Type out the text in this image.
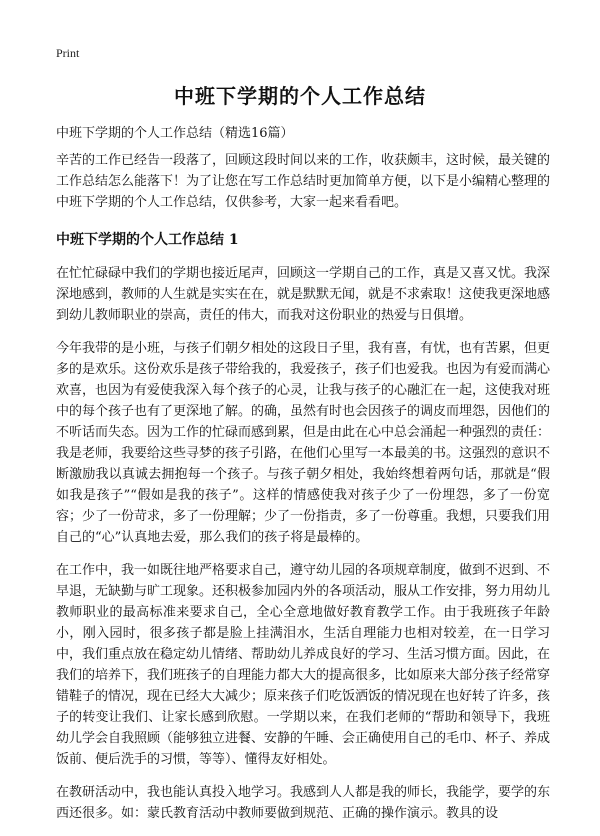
Print
中班下学期的个人工作总结
中班下学期的个人工作总结（精选16篇）

辛苦的工作已经告一段落了，回顾这段时间以来的工作，收获颇丰，这时候，最关键的工作总结怎么能落下！为了让您在写工作总结时更加简单方便，以下是小编精心整理的中班下学期的个人工作总结，仅供参考，大家一起来看看吧。

中班下学期的个人工作总结 1

在忙忙碌碌中我们的学期也接近尾声，回顾这一学期自己的工作，真是又喜又忧。我深深地感到，教师的人生就是实实在在，就是默默无闻，就是不求索取！这使我更深地感到幼儿教师职业的崇高，责任的伟大，而我对这份职业的热爱与日俱增。

今年我带的是小班，与孩子们朝夕相处的这段日子里，我有喜，有忧，也有苦累，但更多的是欢乐。这份欢乐是孩子带给我的，我爱孩子，孩子们也爱我。也因为有爱而满心欢喜，也因为有爱使我深入每个孩子的心灵，让我与孩子的心融汇在一起，这使我对班中的每个孩子也有了更深地了解。的确，虽然有时也会因孩子的调皮而埋怨，因他们的不听话而失态。因为工作的忙碌而感到累，但是由此在心中总会涌起一种强烈的责任：我是老师，我要给这些寻梦的孩子引路，在他们心里写一本最美的书。这强烈的意识不断激励我以真诚去拥抱每一个孩子。与孩子朝夕相处，我始终想着两句话，那就是“假如我是孩子”“假如是我的孩子”。这样的情感使我对孩子少了一份埋怨，多了一份宽容；少了一份苛求，多了一份理解；少了一份指责，多了一份尊重。我想，只要我们用自己的“心”认真地去爱，那么我们的孩子将是最棒的。

在工作中，我一如既往地严格要求自己，遵守幼儿园的各项规章制度，做到不迟到、不早退，无缺勤与旷工现象。还积极参加园内外的各项活动，服从工作安排，努力用幼儿教师职业的最高标准来要求自己，全心全意地做好教育教学工作。由于我班孩子年龄小，刚入园时，很多孩子都是脸上挂满泪水，生活自理能力也相对较差，在一日学习中，我们重点放在稳定幼儿情绪、帮助幼儿养成良好的学习、生活习惯方面。因此，在我们的培养下，我们班孩子的自理能力都大大的提高很多，比如原来大部分孩子经常穿错鞋子的情况，现在已经大大减少；原来孩子们吃饭洒饭的情况现在也好转了许多，孩子的转变让我们、让家长感到欣慰。一学期以来，在我们老师的“帮助和领导下，我班幼儿学会自我照顾（能够独立进餐、安静的午睡、会正确使用自己的毛巾、杯子、养成饭前、便后洗手的习惯，等等）、懂得友好相处。

在教研活动中，我也能认真投入地学习。我感到人人都是我的师长，我能学，要学的东西还很多。如：蒙氏教育活动中教师要做到规范、正确的操作演示。教具的设
